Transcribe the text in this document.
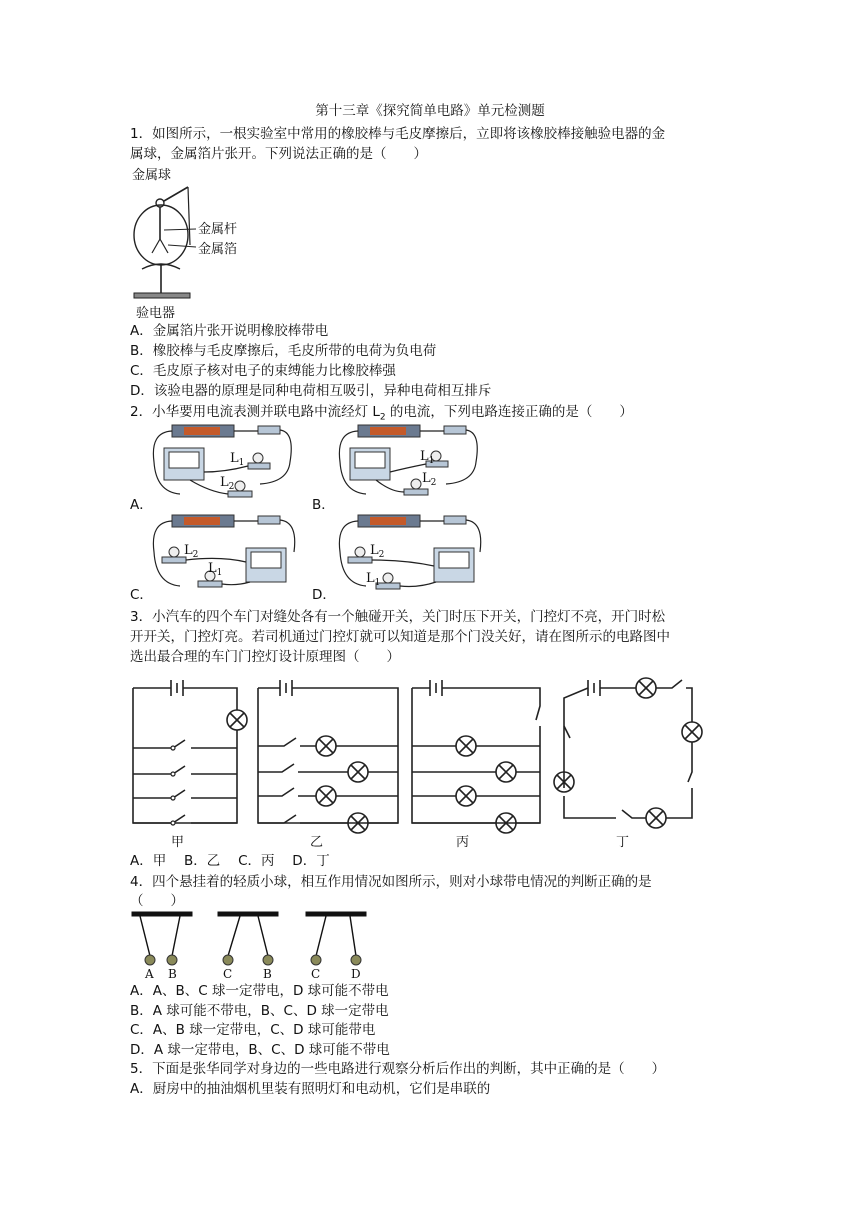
第十三章《探究简单电路》单元检测题
1．如图所示，一根实验室中常用的橡胶棒与毛皮摩擦后，立即将该橡胶棒接触验电器的金
属球，金属箔片张开。下列说法正确的是（　　）
金属球
金属杆
金属箔
验电器
A．金属箔片张开说明橡胶棒带电
B．橡胶棒与毛皮摩擦后，毛皮所带的电荷为负电荷
C．毛皮原子核对电子的束缚能力比橡胶棒强
D．该验电器的原理是同种电荷相互吸引，异种电荷相互排斥
2．小华要用电流表测并联电路中流经灯 $L_2$ 的电流，下列电路连接正确的是（　　）
$L_1$
$L_2$
A．
$L_1$
$L_2$
B．
$L_2$
$L_1$
C．
$L_2$
$L_1$
D．
3．小汽车的四个车门对缝处各有一个触碰开关，关门时压下开关，门控灯不亮，开门时松
开开关，门控灯亮。若司机通过门控灯就可以知道是那个门没关好，请在图所示的电路图中
选出最合理的车门门控灯设计原理图（　　）
甲	乙	丙	丁
A．甲　 B．乙　 C．丙　 D．丁
4．四个悬挂着的轻质小球，相互作用情况如图所示，则对小球带电情况的判断正确的是
（　　）
A B	C	B	C	D
A．A、B、C 球一定带电，D 球可能不带电
B．A 球可能不带电，B、C、D 球一定带电
C．A、B 球一定带电，C、D 球可能带电
D．A 球一定带电，B、C、D 球可能不带电
5．下面是张华同学对身边的一些电路进行观察分析后作出的判断，其中正确的是（　　）
A．厨房中的抽油烟机里装有照明灯和电动机，它们是串联的
